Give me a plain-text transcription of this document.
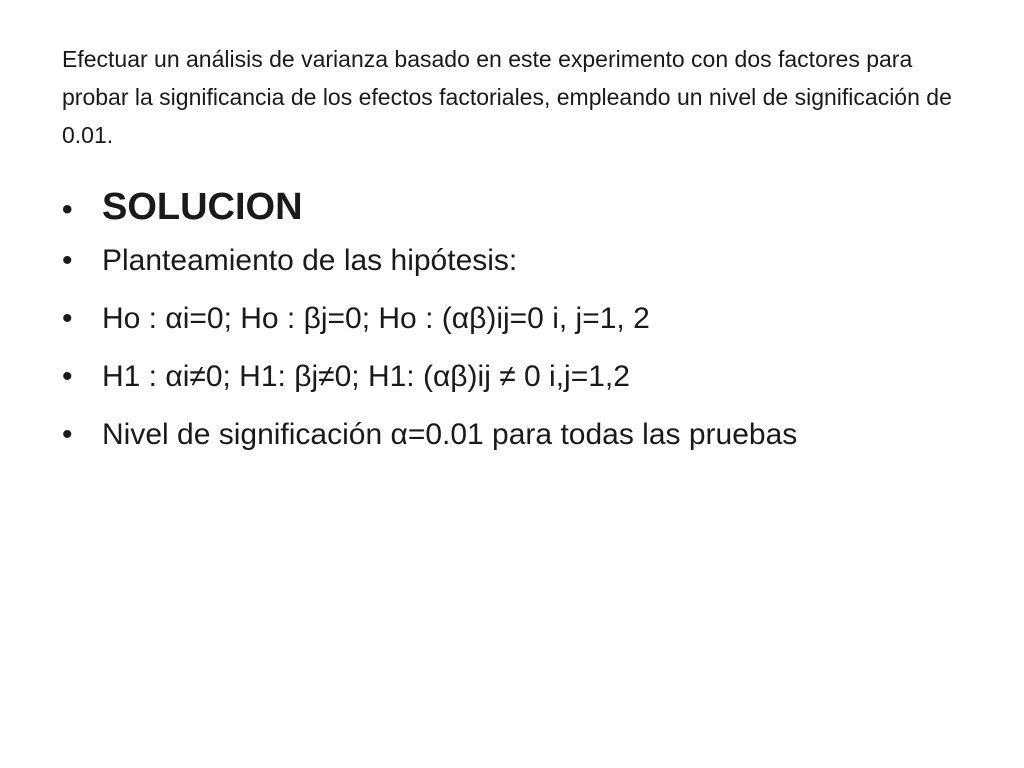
Efectuar un análisis de varianza basado en este experimento con dos factores para probar la significancia de los efectos factoriales, empleando un nivel de significación de 0.01.

• SOLUCION
• Planteamiento de las hipótesis:
• Ho : αi=0; Ho : βj=0; Ho : (αβ)ij=0 i, j=1, 2
• H1 : αi≠0; H1: βj≠0; H1: (αβ)ij ≠ 0 i,j=1,2
• Nivel de significación α=0.01 para todas las pruebas
